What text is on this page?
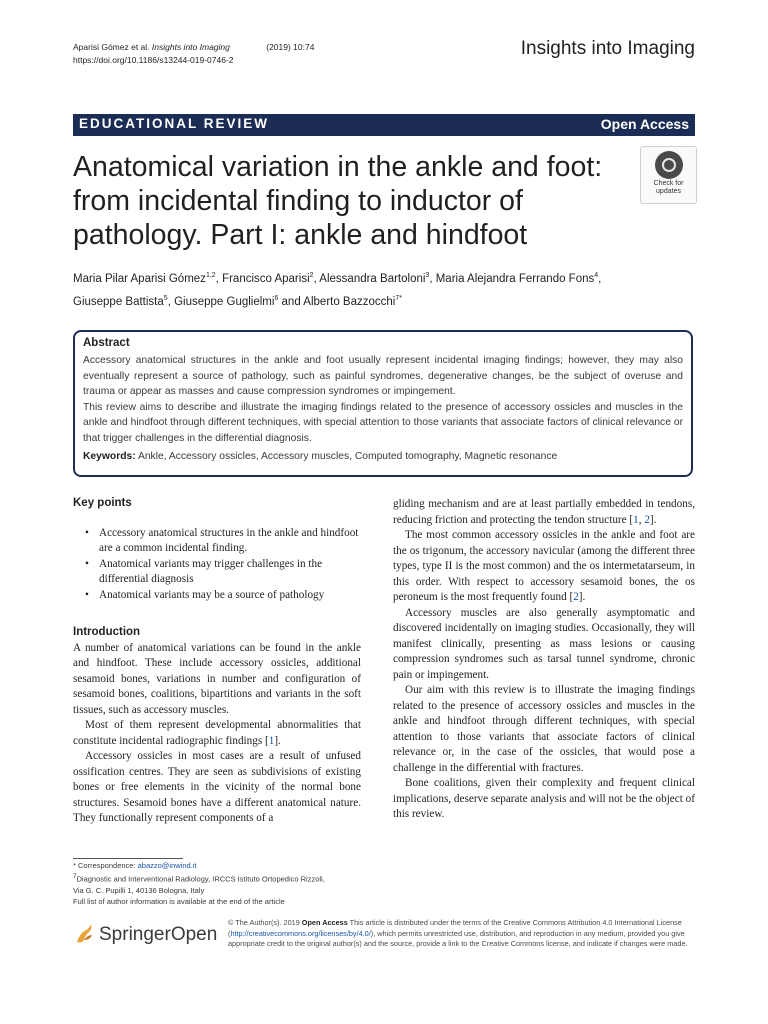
Aparisi Gómez et al. Insights into Imaging	(2019) 10:74
https://doi.org/10.1186/s13244-019-0746-2
Insights into Imaging
EDUCATIONAL REVIEW	Open Access
Anatomical variation in the ankle and foot: from incidental finding to inductor of pathology. Part I: ankle and hindfoot
Check for
updates
Maria Pilar Aparisi Gómez$^{1,2}$, Francisco Aparisi$^2$, Alessandra Bartoloni$^3$, Maria Alejandra Ferrando Fons$^4$,
Giuseppe Battista$^5$, Giuseppe Guglielmi$^6$ and Alberto Bazzocchi$^{7*}$
Abstract

Accessory anatomical structures in the ankle and foot usually represent incidental imaging findings; however, they may also eventually represent a source of pathology, such as painful syndromes, degenerative changes, be the subject of overuse and trauma or appear as masses and cause compression syndromes or impingement.

This review aims to describe and illustrate the imaging findings related to the presence of accessory ossicles and muscles in the ankle and hindfoot through different techniques, with special attention to those variants that associate factors of clinical relevance or that trigger challenges in the differential diagnosis.

Keywords: Ankle, Accessory ossicles, Accessory muscles, Computed tomography, Magnetic resonance
Key points
• Accessory anatomical structures in the ankle and hindfoot are a common incidental finding.
• Anatomical variants may trigger challenges in the differential diagnosis
• Anatomical variants may be a source of pathology
Introduction

A number of anatomical variations can be found in the ankle and hindfoot. These include accessory ossicles, additional sesamoid bones, variations in number and configuration of sesamoid bones, coalitions, bipartitions and variants in the soft tissues, such as accessory muscles.

Most of them represent developmental abnormalities that constitute incidental radiographic findings [1].

Accessory ossicles in most cases are a result of unfused ossification centres. They are seen as subdivisions of existing bones or free elements in the vicinity of the normal bone structures. Sesamoid bones have a different anatomical nature. They functionally represent components of a

gliding mechanism and are at least partially embedded in tendons, reducing friction and protecting the tendon structure [1, 2].

The most common accessory ossicles in the ankle and foot are the os trigonum, the accessory navicular (among the different three types, type II is the most common) and the os intermetatarseum, in this order. With respect to accessory sesamoid bones, the os peroneum is the most frequently found [2].

Accessory muscles are also generally asymptomatic and discovered incidentally on imaging studies. Occasionally, they will manifest clinically, presenting as mass lesions or causing compression syndromes such as tarsal tunnel syndrome, chronic pain or impingement.

Our aim with this review is to illustrate the imaging findings related to the presence of accessory ossicles and muscles in the ankle and hindfoot through different techniques, with special attention to those variants that associate factors of clinical relevance or, in the case of the ossicles, that would pose a challenge in the differential with fractures.

Bone coalitions, given their complexity and frequent clinical implications, deserve separate analysis and will not be the object of this review.

* Correspondence: abazzo@inwind.it
$^7$Diagnostic and Interventional Radiology, IRCCS Istituto Ortopedico Rizzoli,
Via G. C. Pupilli 1, 40136 Bologna, Italy
Full list of author information is available at the end of the article
SpringerOpen
© The Author(s). 2019 Open Access This article is distributed under the terms of the Creative Commons Attribution 4.0 International License (http://creativecommons.org/licenses/by/4.0/), which permits unrestricted use, distribution, and reproduction in any medium, provided you give appropriate credit to the original author(s) and the source, provide a link to the Creative Commons license, and indicate if changes were made.
